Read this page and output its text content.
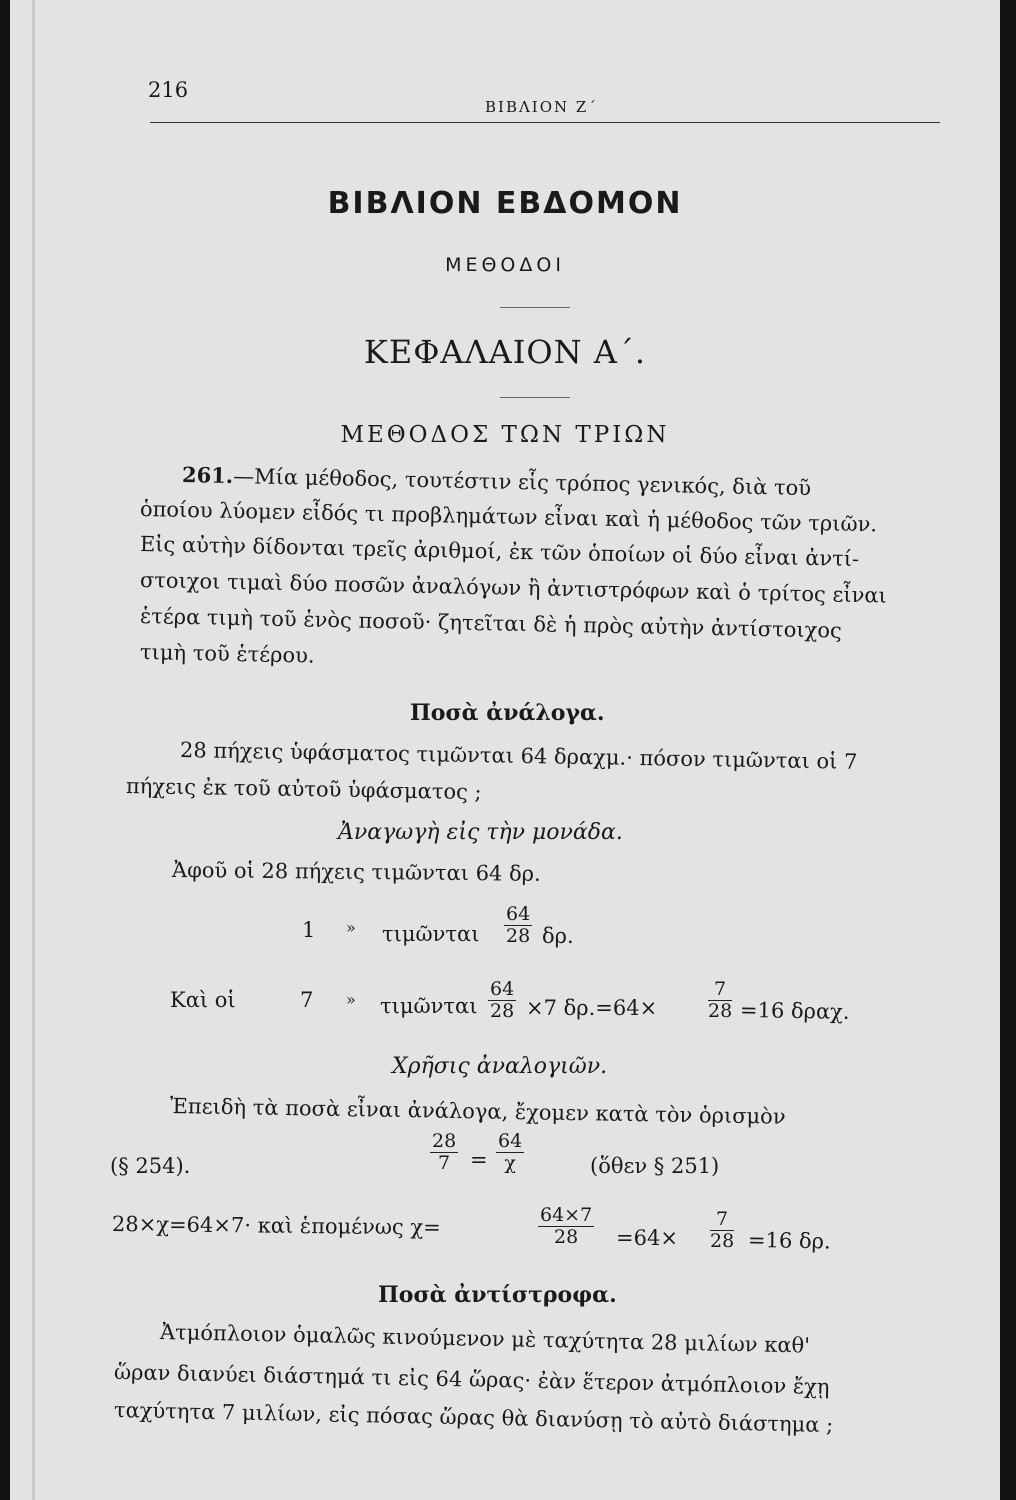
216
ΒΙΒΛΙΟΝ Ζ΄
ΒΙΒΛΙΟΝ ΕΒΔΟΜΟΝ
ΜΕΘΟΔΟΙ
ΚΕΦΑΛΑΙΟΝ Α΄.
ΜΕΘΟΔΟΣ ΤΩΝ ΤΡΙΩΝ
261.—Μία μέθοδος, τουτέστιν εἷς τρόπος γενικός, διὰ τοῦ
ὁποίου λύομεν εἶδός τι προβλημάτων εἶναι καὶ ἡ μέθοδος τῶν τριῶν.
Εἰς αὐτὴν δίδονται τρεῖς ἀριθμοί, ἐκ τῶν ὁποίων οἱ δύο εἶναι ἀντί-
στοιχοι τιμαὶ δύο ποσῶν ἀναλόγων ἢ ἀντιστρόφων καὶ ὁ τρίτος εἶναι
ἑτέρα τιμὴ τοῦ ἑνὸς ποσοῦ· ζητεῖται δὲ ἡ πρὸς αὐτὴν ἀντίστοιχος
τιμὴ τοῦ ἑτέρου.
Ποσὰ ἀνάλογα.
28 πήχεις ὑφάσματος τιμῶνται 64 δραχμ.· πόσον τιμῶνται οἱ 7
πήχεις ἐκ τοῦ αὐτοῦ ὑφάσματος ;
Ἀναγωγὴ εἰς τὴν μονάδα.
Ἀφοῦ οἱ 28 πήχεις τιμῶνται 64 δρ.
1 » τιμῶνται $\frac{64}{28} \delta\rho$.
Καὶ οἱ	7 » τιμῶνται $\frac{64}{28} \times 7$ δρ.=64×	$\frac{7}{28} =16$ δραχ.
Χρῆσις ἀναλογιῶν.
Ἐπειδὴ τὰ ποσὰ εἶναι ἀνάλογα, ἔχομεν κατὰ τὸν ὁρισμὸν
(§ 254).	$\frac{28}{7} = \frac{64}{\chi}$	(ὅθεν § 251)
28×χ=64×7· καὶ ἑπομένως χ=	$\frac{64\times 7}{28} =64\times \frac{7}{28} =16$ δρ.
Ποσὰ ἀντίστροφα.
Ἀτμόπλοιον ὁμαλῶς κινούμενον μὲ ταχύτητα 28 μιλίων καθ'
ὥραν διανύει διάστημά τι εἰς 64 ὥρας· ἐὰν ἕτερον ἀτμόπλοιον ἔχῃ
ταχύτητα 7 μιλίων, εἰς πόσας ὥρας θὰ διανύσῃ τὸ αὐτὸ διάστημα ;
